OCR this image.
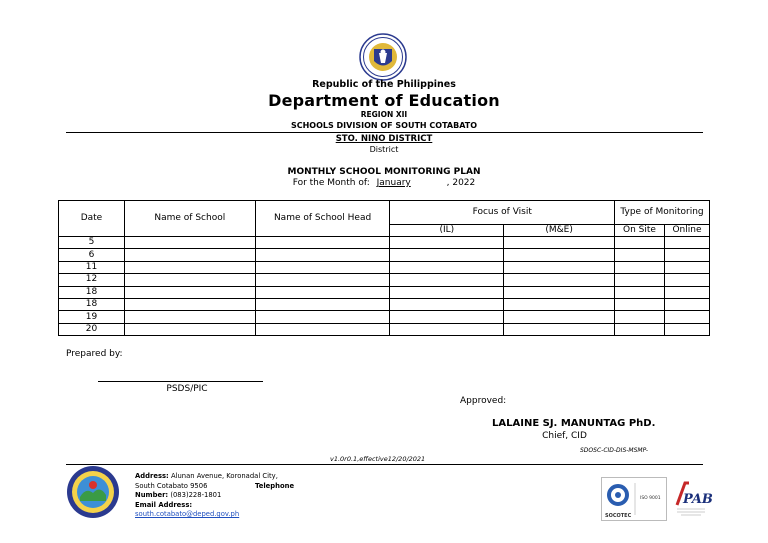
Republic of the Philippines
Department of Education
REGION XII
SCHOOLS DIVISION OF SOUTH COTABATO
STO. NINO DISTRICT
District
MONTHLY SCHOOL MONITORING PLAN
For the Month of: January	, 2022
Date	Name of School	Name of School Head	Focus of Visit		Type of Monitoring	
			(IL)	(M&E)	On Site	Online
5						
6						
11						
12						
18						
18						
19						
20						
Prepared by:
PSDS/PIC
Approved:
LALAINE SJ. MANUNTAG PhD.
Chief, CID
SDOSC-CID-DIS-MSMP-
v1.0r0.1,effective12/20/2021
Address: Alunan Avenue, Koronadal City,
South Cotabato 9506	Telephone
Number: (083)228-1801
Email Address:
south.cotabato@deped.gov.ph	SOCOTEC
ISO 9001 PAB
